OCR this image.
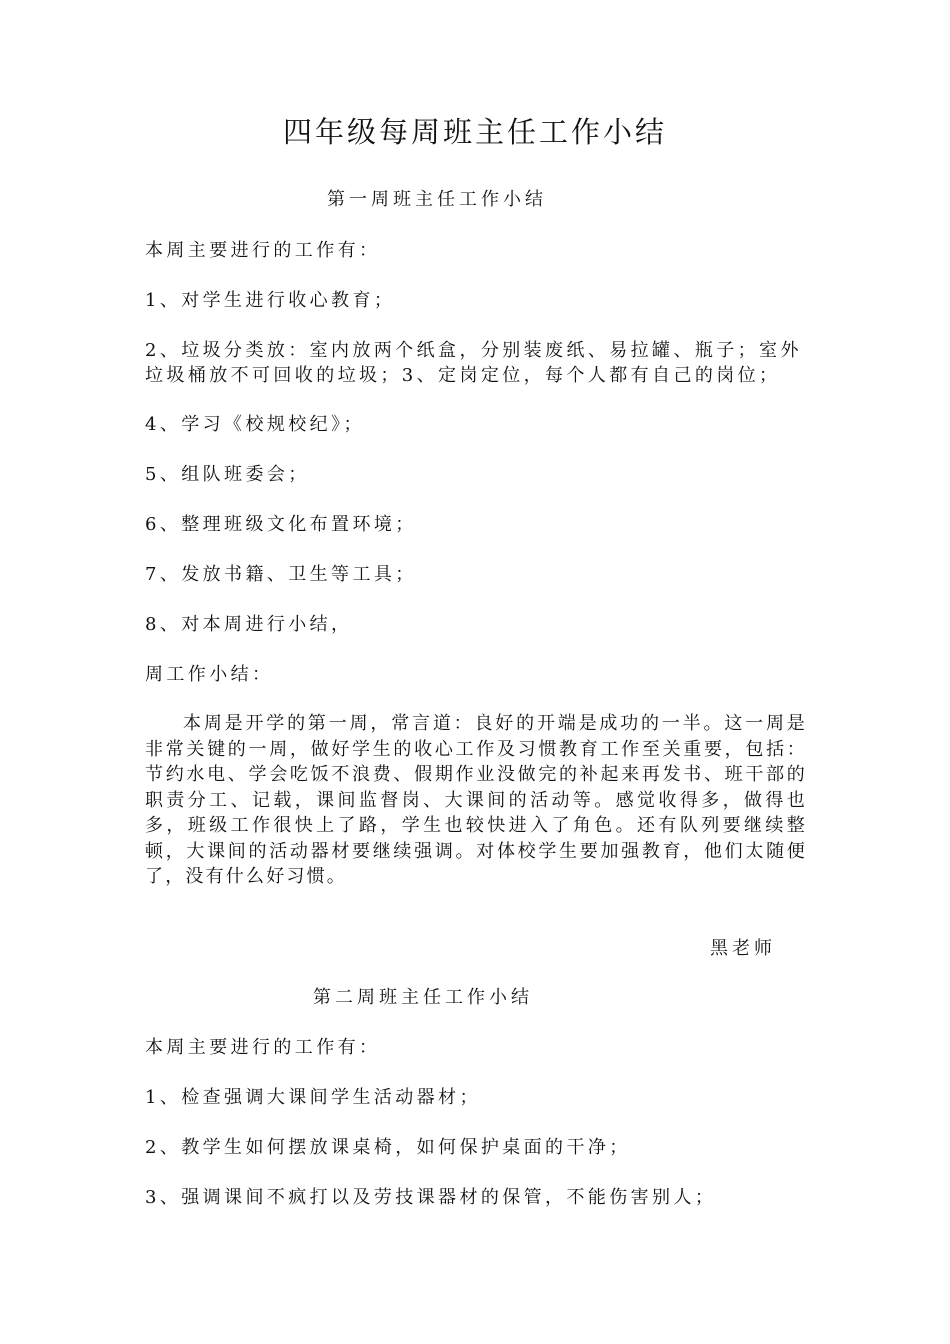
四年级每周班主任工作小结
第一周班主任工作小结
本周主要进行的工作有：
1、对学生进行收心教育；
2、垃圾分类放：室内放两个纸盒，分别装废纸、易拉罐、瓶子；室外垃圾桶放不可回收的垃圾；3、定岗定位，每个人都有自己的岗位；
4、学习《校规校纪》；
5、组队班委会；
6、整理班级文化布置环境；
7、发放书籍、卫生等工具；
8、对本周进行小结，
周工作小结：
本周是开学的第一周，常言道：良好的开端是成功的一半。这一周是非常关键的一周，做好学生的收心工作及习惯教育工作至关重要，包括：节约水电、学会吃饭不浪费、假期作业没做完的补起来再发书、班干部的职责分工、记载，课间监督岗、大课间的活动等。感觉收得多，做得也多，班级工作很快上了路，学生也较快进入了角色。还有队列要继续整顿，大课间的活动器材要继续强调。对体校学生要加强教育，他们太随便了，没有什么好习惯。
黑老师
第二周班主任工作小结
本周主要进行的工作有：
1、检查强调大课间学生活动器材；
2、教学生如何摆放课桌椅，如何保护桌面的干净；
3、强调课间不疯打以及劳技课器材的保管，不能伤害别人；
